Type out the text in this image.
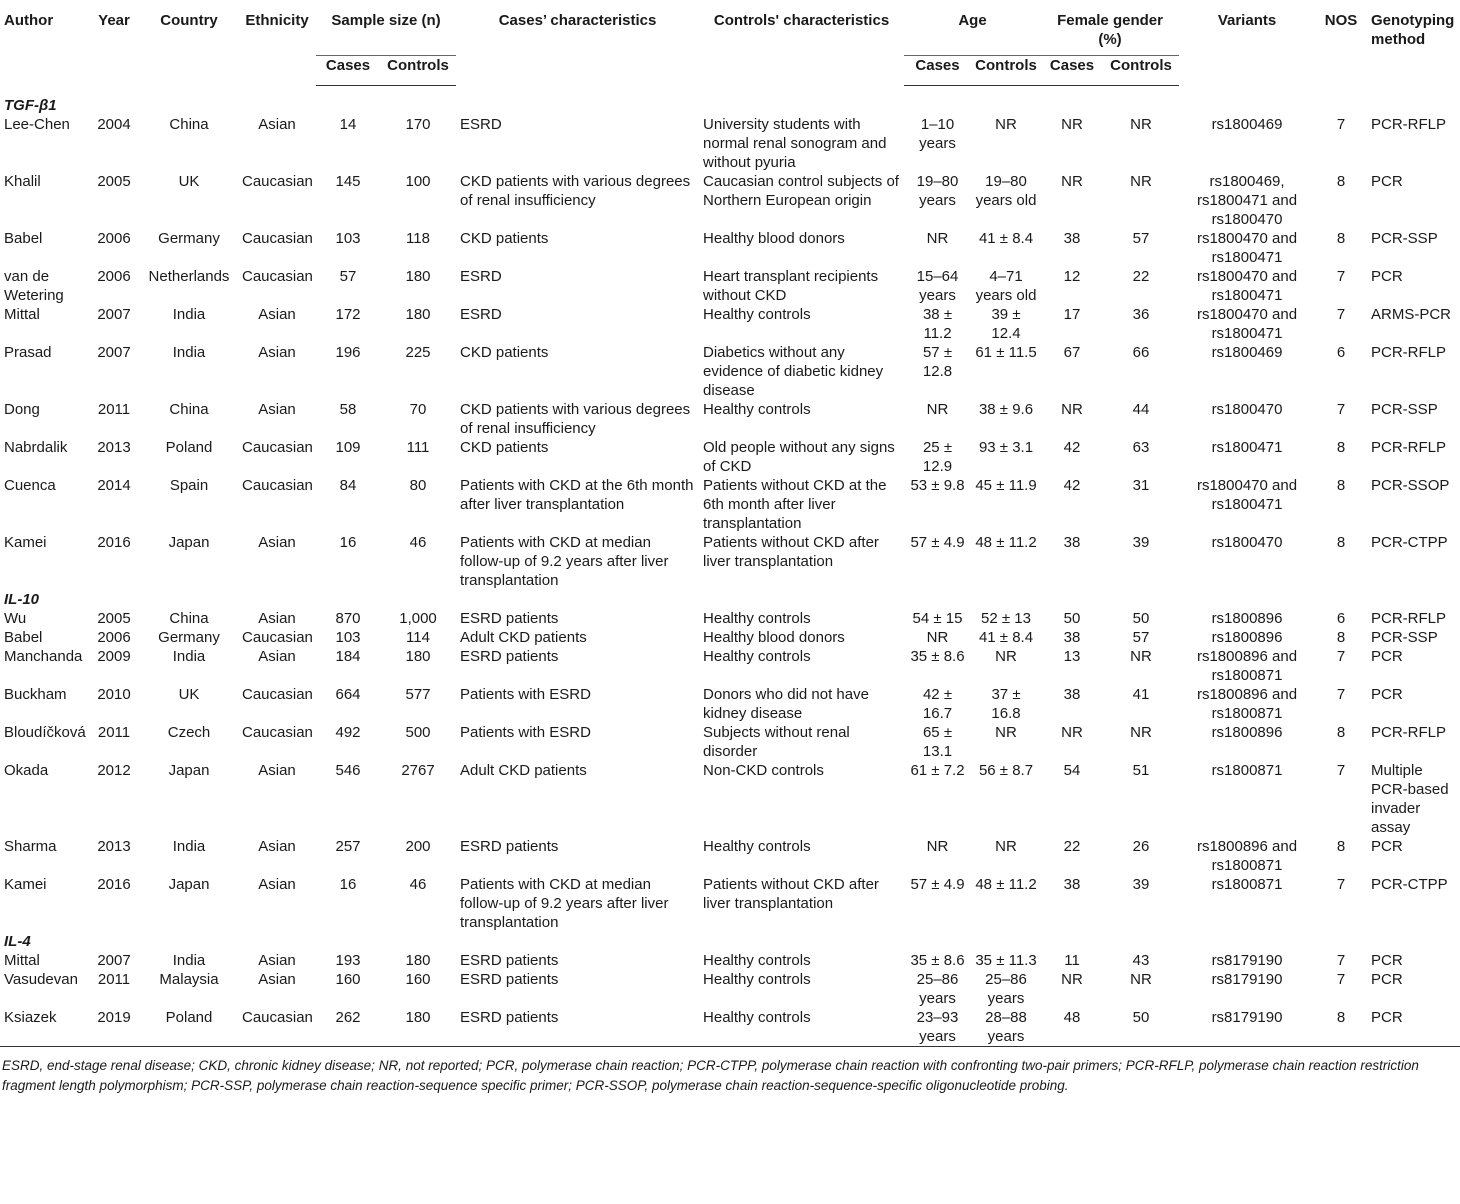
Author	Year	Country	Ethnicity	Sample size (n)		Cases’ characteristics	Controls' characteristics	Age		Female gender (%)		Variants	NOS	Genotyping method
				Cases	Controls			Cases	Controls	Cases	Controls			
TGF-β1														
Lee-Chen	2004	China	Asian	14	170	ESRD	University students with normal renal sonogram and without pyuria	1–10 years	NR	NR	NR	rs1800469	7	PCR-RFLP
Khalil	2005	UK	Caucasian	145	100	CKD patients with various degrees of renal insufficiency	Caucasian control subjects of Northern European origin	19–80 years	19–80 years old	NR	NR	rs1800469, rs1800471 and rs1800470	8	PCR
Babel	2006	Germany	Caucasian	103	118	CKD patients	Healthy blood donors	NR	41 ± 8.4	38	57	rs1800470 and rs1800471	8	PCR-SSP
van de Wetering	2006	Netherlands	Caucasian	57	180	ESRD	Heart transplant recipients without CKD	15–64 years	4–71 years old	12	22	rs1800470 and rs1800471	7	PCR
Mittal	2007	India	Asian	172	180	ESRD	Healthy controls	38 ± 11.2	39 ± 12.4	17	36	rs1800470 and rs1800471	7	ARMS-PCR
Prasad	2007	India	Asian	196	225	CKD patients	Diabetics without any evidence of diabetic kidney disease	57 ± 12.8	61 ± 11.5	67	66	rs1800469	6	PCR-RFLP
Dong	2011	China	Asian	58	70	CKD patients with various degrees of renal insufficiency	Healthy controls	NR	38 ± 9.6	NR	44	rs1800470	7	PCR-SSP
Nabrdalik	2013	Poland	Caucasian	109	111	CKD patients	Old people without any signs of CKD	25 ± 12.9	93 ± 3.1	42	63	rs1800471	8	PCR-RFLP
Cuenca	2014	Spain	Caucasian	84	80	Patients with CKD at the 6th month after liver transplantation	Patients without CKD at the 6th month after liver transplantation	53 ± 9.8	45 ± 11.9	42	31	rs1800470 and rs1800471	8	PCR-SSOP
Kamei	2016	Japan	Asian	16	46	Patients with CKD at median follow-up of 9.2 years after liver transplantation	Patients without CKD after liver transplantation	57 ± 4.9	48 ± 11.2	38	39	rs1800470	8	PCR-CTPP
IL-10														
Wu	2005	China	Asian	870	1,000	ESRD patients	Healthy controls	54 ± 15	52 ± 13	50	50	rs1800896	6	PCR-RFLP
Babel	2006	Germany	Caucasian	103	114	Adult CKD patients	Healthy blood donors	NR	41 ± 8.4	38	57	rs1800896	8	PCR-SSP
Manchanda	2009	India	Asian	184	180	ESRD patients	Healthy controls	35 ± 8.6	NR	13	NR	rs1800896 and rs1800871	7	PCR
Buckham	2010	UK	Caucasian	664	577	Patients with ESRD	Donors who did not have kidney disease	42 ± 16.7	37 ± 16.8	38	41	rs1800896 and rs1800871	7	PCR
Bloudíčková	2011	Czech	Caucasian	492	500	Patients with ESRD	Subjects without renal disorder	65 ± 13.1	NR	NR	NR	rs1800896	8	PCR-RFLP
Okada	2012	Japan	Asian	546	2767	Adult CKD patients	Non-CKD controls	61 ± 7.2	56 ± 8.7	54	51	rs1800871	7	Multiple PCR-based invader assay
Sharma	2013	India	Asian	257	200	ESRD patients	Healthy controls	NR	NR	22	26	rs1800896 and rs1800871	8	PCR
Kamei	2016	Japan	Asian	16	46	Patients with CKD at median follow-up of 9.2 years after liver transplantation	Patients without CKD after liver transplantation	57 ± 4.9	48 ± 11.2	38	39	rs1800871	7	PCR-CTPP
IL-4														
Mittal	2007	India	Asian	193	180	ESRD patients	Healthy controls	35 ± 8.6	35 ± 11.3	11	43	rs8179190	7	PCR
Vasudevan	2011	Malaysia	Asian	160	160	ESRD patients	Healthy controls	25–86 years	25–86 years	NR	NR	rs8179190	7	PCR
Ksiazek	2019	Poland	Caucasian	262	180	ESRD patients	Healthy controls	23–93 years	28–88 years	48	50	rs8179190	8	PCR
ESRD, end-stage renal disease; CKD, chronic kidney disease; NR, not reported; PCR, polymerase chain reaction; PCR-CTPP, polymerase chain reaction with confronting two-pair primers; PCR-RFLP, polymerase chain reaction restriction fragment length polymorphism; PCR-SSP, polymerase chain reaction-sequence specific primer; PCR-SSOP, polymerase chain reaction-sequence-specific oligonucleotide probing.
